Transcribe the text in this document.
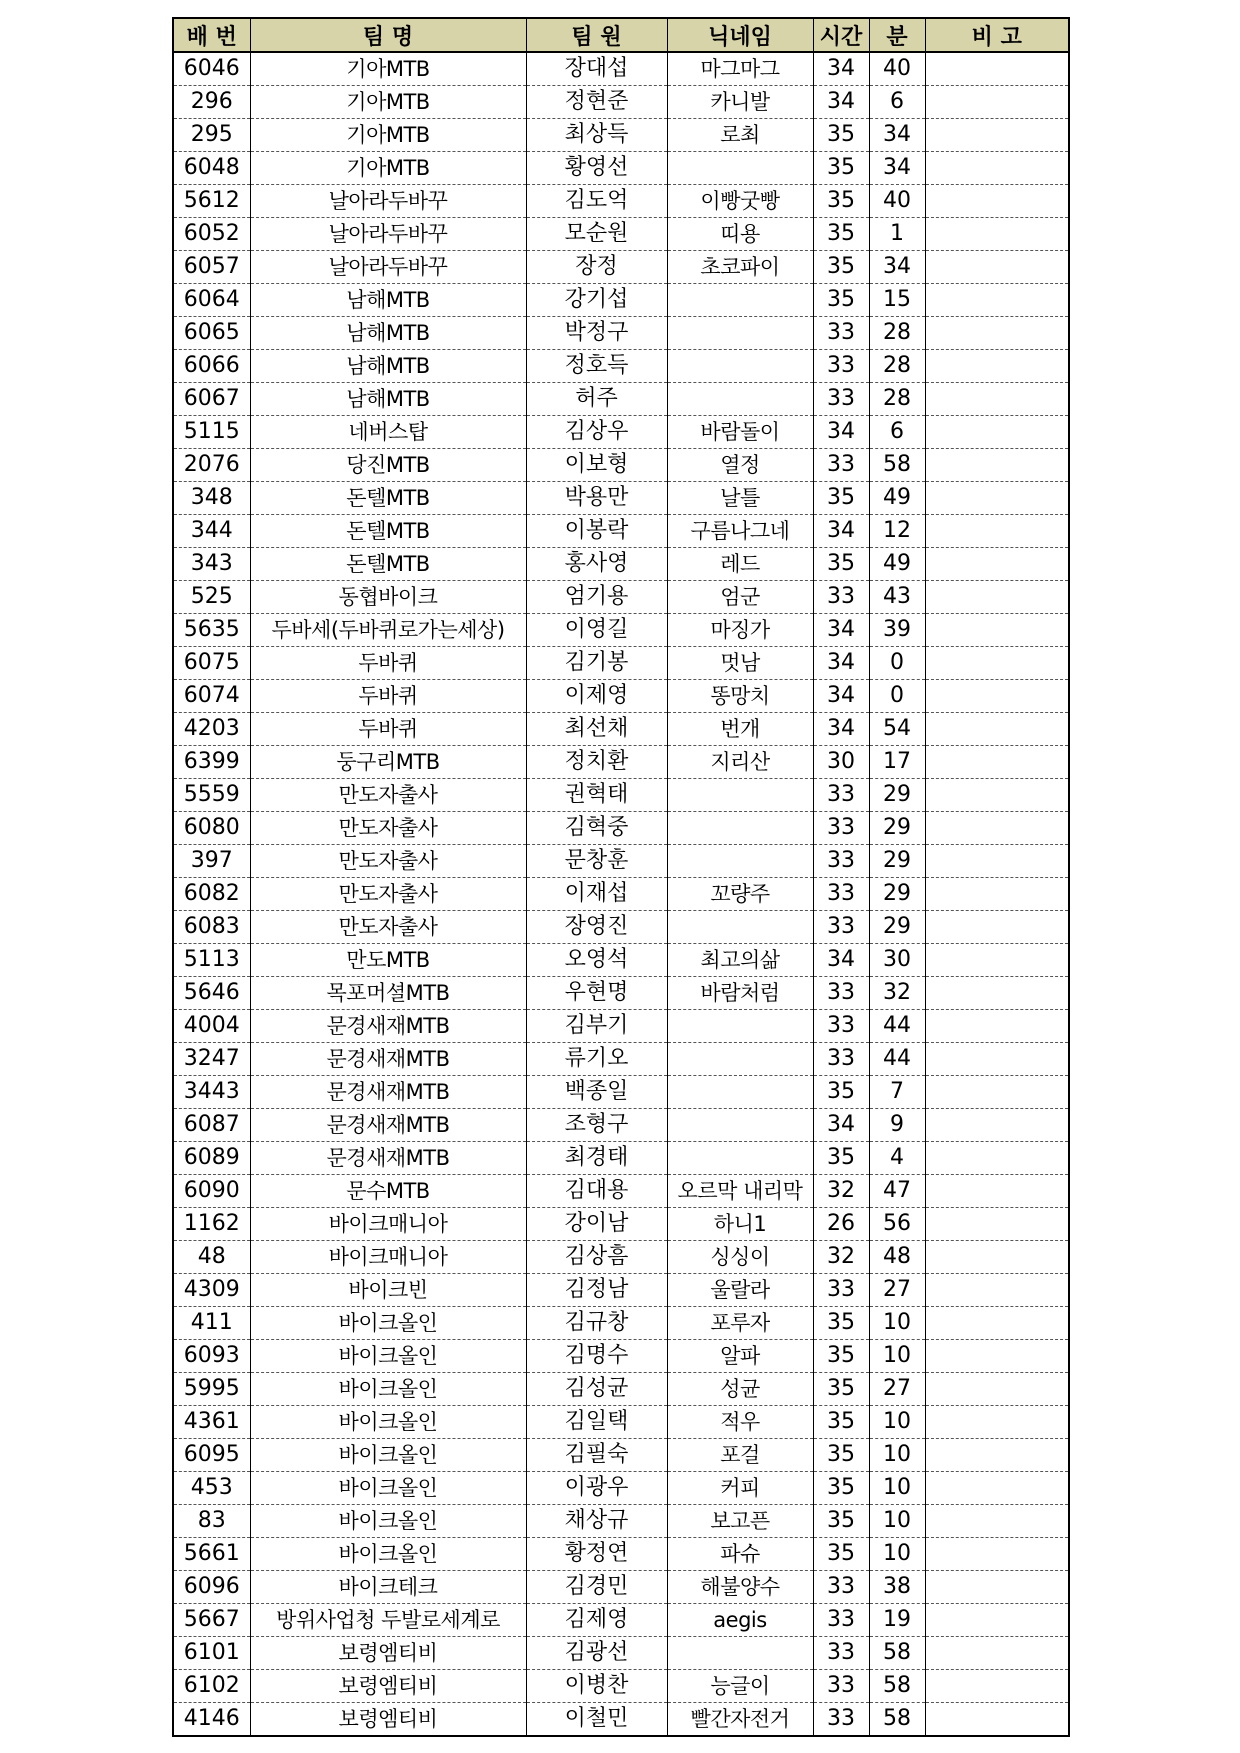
배 번	팀 명	팀 원	닉네임	시간	분	비 고
6046	기아MTB	장대섭	마그마그	34	40	
296	기아MTB	정현준	카니발	34	6	
295	기아MTB	최상득	로최	35	34	
6048	기아MTB	황영선		35	34	
5612	날아라두바꾸	김도억	이빵굿빵	35	40	
6052	날아라두바꾸	모순원	띠용	35	1	
6057	날아라두바꾸	장정	초코파이	35	34	
6064	남해MTB	강기섭		35	15	
6065	남해MTB	박정구		33	28	
6066	남해MTB	정호득		33	28	
6067	남해MTB	허주		33	28	
5115	네버스탑	김상우	바람돌이	34	6	
2076	당진MTB	이보형	열정	33	58	
348	돈텔MTB	박용만	날틀	35	49	
344	돈텔MTB	이봉락	구름나그네	34	12	
343	돈텔MTB	홍사영	레드	35	49	
525	동협바이크	엄기용	엄군	33	43	
5635	두바세(두바퀴로가는세상)	이영길	마징가	34	39	
6075	두바퀴	김기봉	멋남	34	0	
6074	두바퀴	이제영	똥망치	34	0	
4203	두바퀴	최선채	번개	34	54	
6399	둥구리MTB	정치환	지리산	30	17	
5559	만도자출사	권혁태		33	29	
6080	만도자출사	김혁중		33	29	
397	만도자출사	문창훈		33	29	
6082	만도자출사	이재섭	꼬량주	33	29	
6083	만도자출사	장영진		33	29	
5113	만도MTB	오영석	최고의삶	34	30	
5646	목포머셜MTB	우현명	바람처럼	33	32	
4004	문경새재MTB	김부기		33	44	
3247	문경새재MTB	류기오		33	44	
3443	문경새재MTB	백종일		35	7	
6087	문경새재MTB	조형구		34	9	
6089	문경새재MTB	최경태		35	4	
6090	문수MTB	김대용	오르막 내리막	32	47	
1162	바이크매니아	강이남	하니1	26	56	
48	바이크매니아	김상흠	싱싱이	32	48	
4309	바이크빈	김정남	울랄라	33	27	
411	바이크올인	김규창	포루자	35	10	
6093	바이크올인	김명수	알파	35	10	
5995	바이크올인	김성균	성균	35	27	
4361	바이크올인	김일택	적우	35	10	
6095	바이크올인	김필숙	포걸	35	10	
453	바이크올인	이광우	커피	35	10	
83	바이크올인	채상규	보고픈	35	10	
5661	바이크올인	황정연	파슈	35	10	
6096	바이크테크	김경민	해불양수	33	38	
5667	방위사업청 두발로세계로	김제영	aegis	33	19	
6101	보령엠티비	김광선		33	58	
6102	보령엠티비	이병찬	능글이	33	58	
4146	보령엠티비	이철민	빨간자전거	33	58	
